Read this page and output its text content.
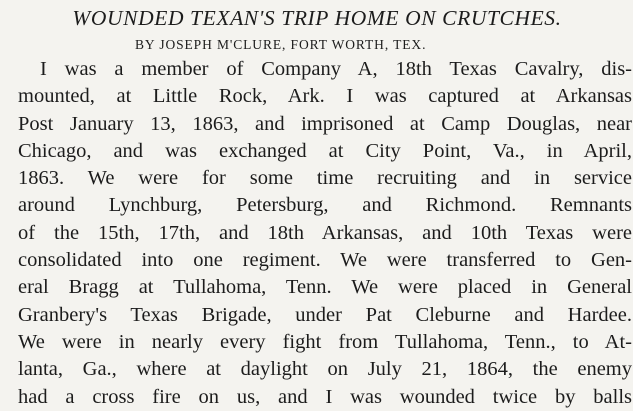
WOUNDED TEXAN'S TRIP HOME ON CRUTCHES.
BY JOSEPH M'CLURE, FORT WORTH, TEX.
I was a member of Company A, 18th Texas Cavalry, dis-
mounted, at Little Rock, Ark. I was captured at Arkansas
Post January 13, 1863, and imprisoned at Camp Douglas, near
Chicago, and was exchanged at City Point, Va., in April,
1863. We were for some time recruiting and in service
around Lynchburg, Petersburg, and Richmond. Remnants
of the 15th, 17th, and 18th Arkansas, and 10th Texas were
consolidated into one regiment. We were transferred to Gen-
eral Bragg at Tullahoma, Tenn. We were placed in General
Granbery's Texas Brigade, under Pat Cleburne and Hardee.
We were in nearly every fight from Tullahoma, Tenn., to At-
lanta, Ga., where at daylight on July 21, 1864, the enemy
had a cross fire on us, and I was wounded twice by balls
